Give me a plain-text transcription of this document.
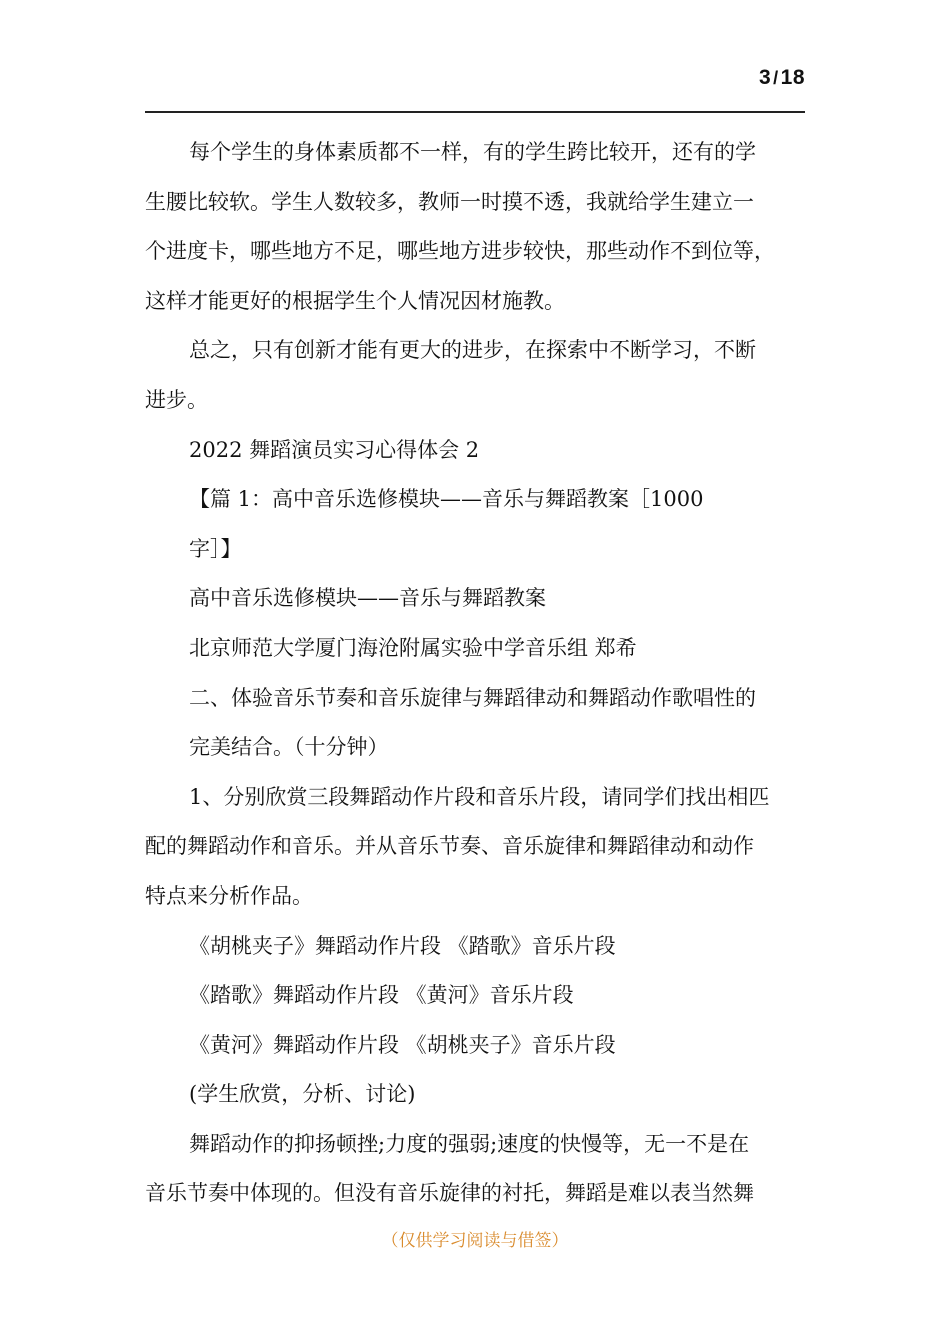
3 /18

每个学生的身体素质都不一样，有的学生跨比较开，还有的学

生腰比较软。学生人数较多，教师一时摸不透，我就给学生建立一

个进度卡，哪些地方不足，哪些地方进步较快，那些动作不到位等，

这样才能更好的根据学生个人情况因材施教。

总之，只有创新才能有更大的进步，在探索中不断学习，不断

进步。

2022 舞蹈演员实习心得体会 2

【篇 1：高中音乐选修模块——音乐与舞蹈教案［1000

字］】

高中音乐选修模块——音乐与舞蹈教案

北京师范大学厦门海沧附属实验中学音乐组 郑希

二、体验音乐节奏和音乐旋律与舞蹈律动和舞蹈动作歌唱性的

完美结合。（十分钟）

1、分别欣赏三段舞蹈动作片段和音乐片段，请同学们找出相匹

配的舞蹈动作和音乐。并从音乐节奏、音乐旋律和舞蹈律动和动作

特点来分析作品。

《胡桃夹子》舞蹈动作片段 《踏歌》音乐片段

《踏歌》舞蹈动作片段 《黄河》音乐片段

《黄河》舞蹈动作片段 《胡桃夹子》音乐片段

(学生欣赏，分析、讨论)

舞蹈动作的抑扬顿挫;力度的强弱;速度的快慢等，无一不是在

音乐节奏中体现的。但没有音乐旋律的衬托，舞蹈是难以表当然舞

（仅供学习阅读与借签）
